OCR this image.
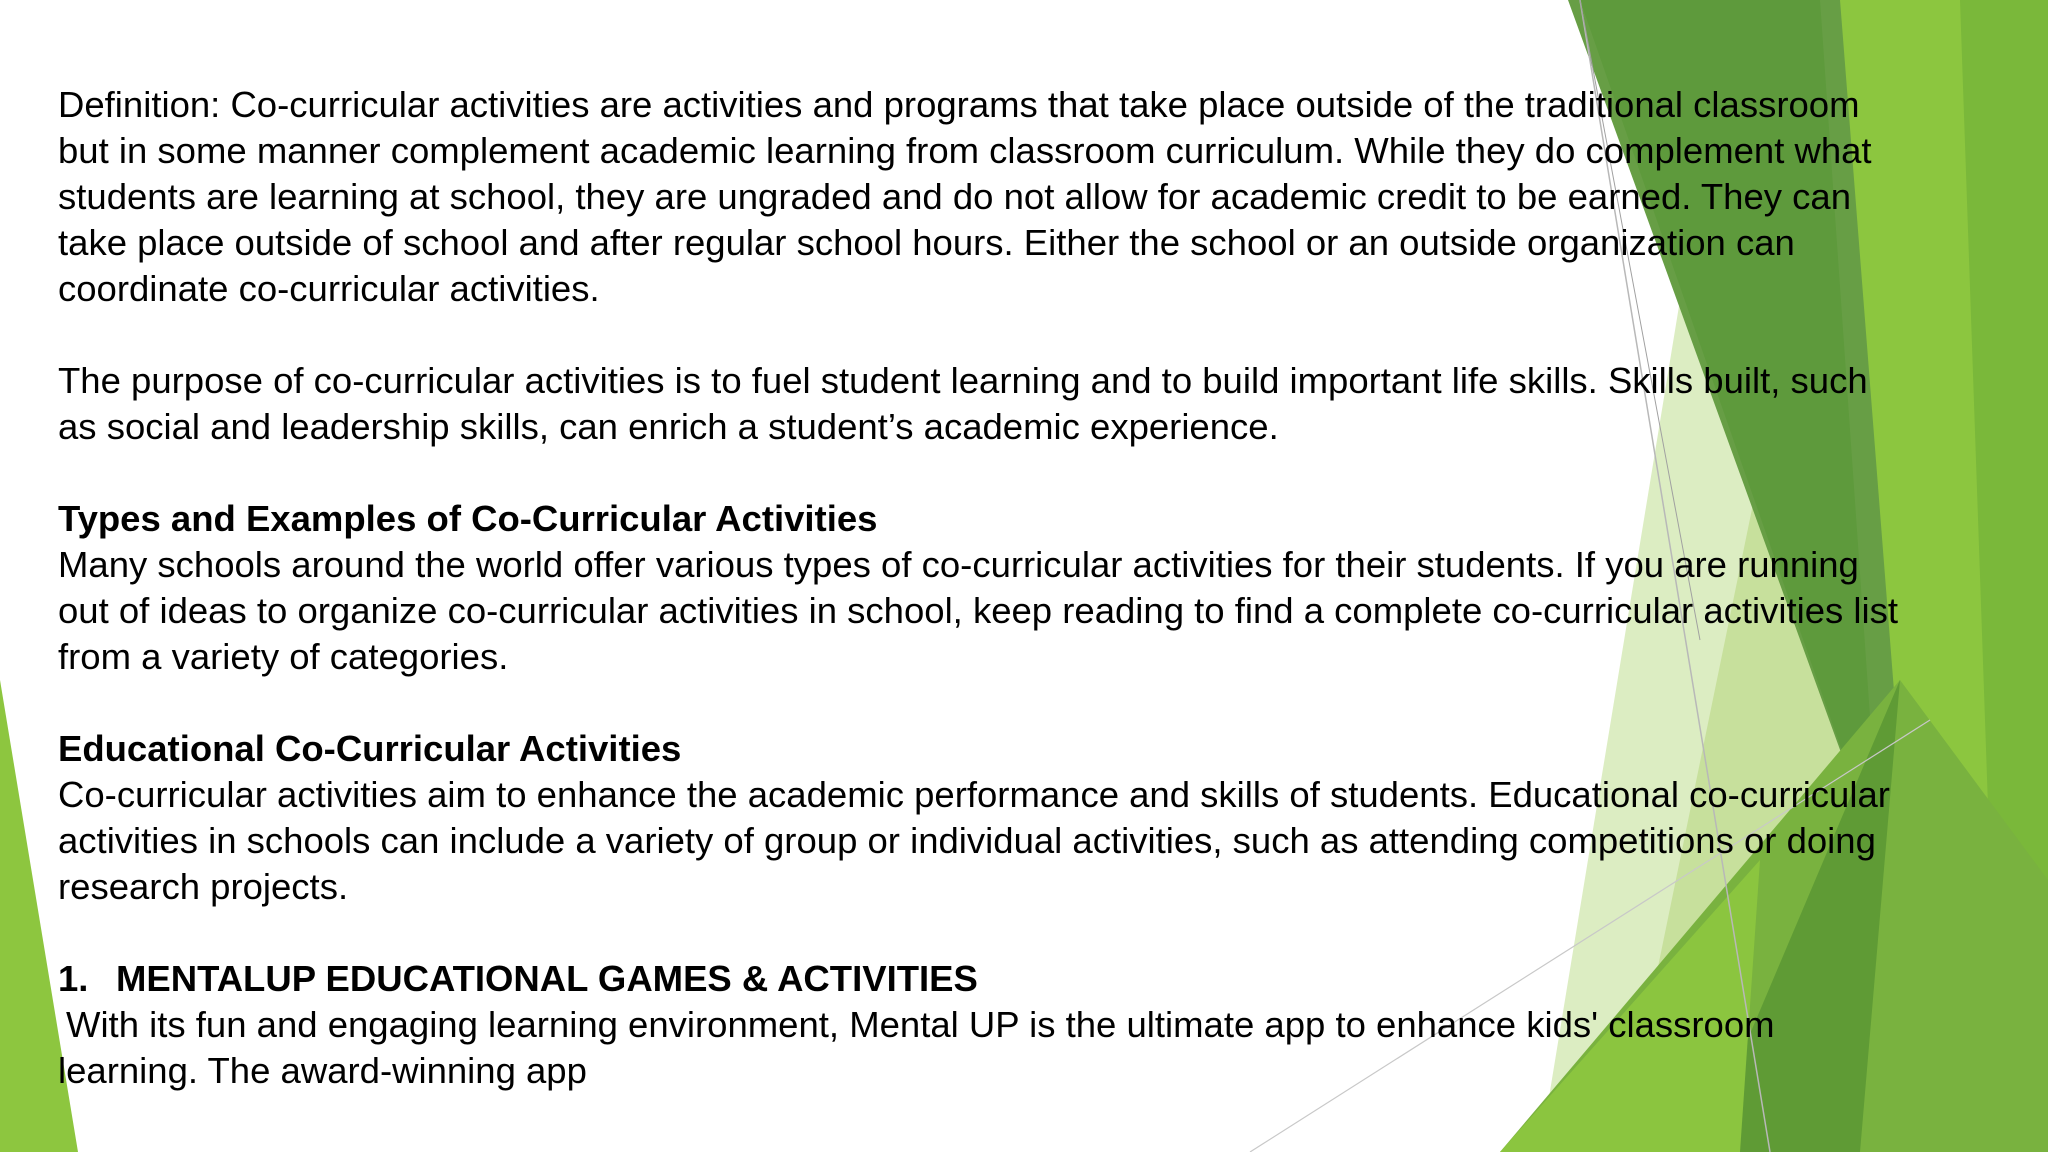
Definition: Co-curricular activities are activities and programs that take place outside of the traditional classroom
but in some manner complement academic learning from classroom curriculum. While they do complement what
students are learning at school, they are ungraded and do not allow for academic credit to be earned. They can
take place outside of school and after regular school hours. Either the school or an outside organization can
coordinate co-curricular activities.
The purpose of co-curricular activities is to fuel student learning and to build important life skills. Skills built, such
as social and leadership skills, can enrich a student’s academic experience.
Types and Examples of Co-Curricular Activities
Many schools around the world offer various types of co-curricular activities for their students. If you are running
out of ideas to organize co-curricular activities in school, keep reading to find a complete co-curricular activities list
from a variety of categories.
Educational Co-Curricular Activities
Co-curricular activities aim to enhance the academic performance and skills of students. Educational co-curricular
activities in schools can include a variety of group or individual activities, such as attending competitions or doing
research projects.
1. MENTALUP EDUCATIONAL GAMES & ACTIVITIES
With its fun and engaging learning environment, Mental UP is the ultimate app to enhance kids' classroom
learning. The award-winning app
